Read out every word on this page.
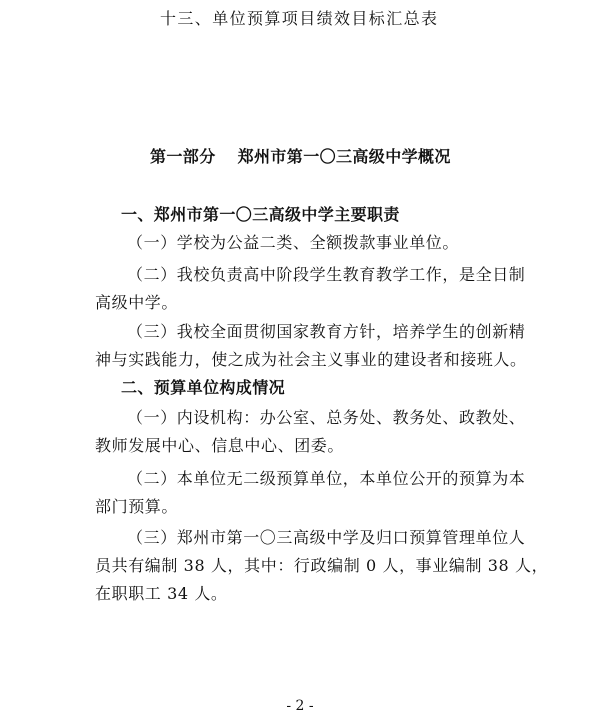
十三、单位预算项目绩效目标汇总表
第一部分 郑州市第一〇三高级中学概况
一、郑州市第一〇三高级中学主要职责
（一）学校为公益二类、全额拨款事业单位。
（二）我校负责高中阶段学生教育教学工作，是全日制
高级中学。
（三）我校全面贯彻国家教育方针，培养学生的创新精
神与实践能力，使之成为社会主义事业的建设者和接班人。
二、预算单位构成情况
（一）内设机构：办公室、总务处、教务处、政教处、
教师发展中心、信息中心、团委。
（二）本单位无二级预算单位，本单位公开的预算为本
部门预算。
（三）郑州市第一〇三高级中学及归口预算管理单位人
员共有编制 38 人，其中：行政编制 0 人，事业编制 38 人，
在职职工 34 人。
- 2 -
